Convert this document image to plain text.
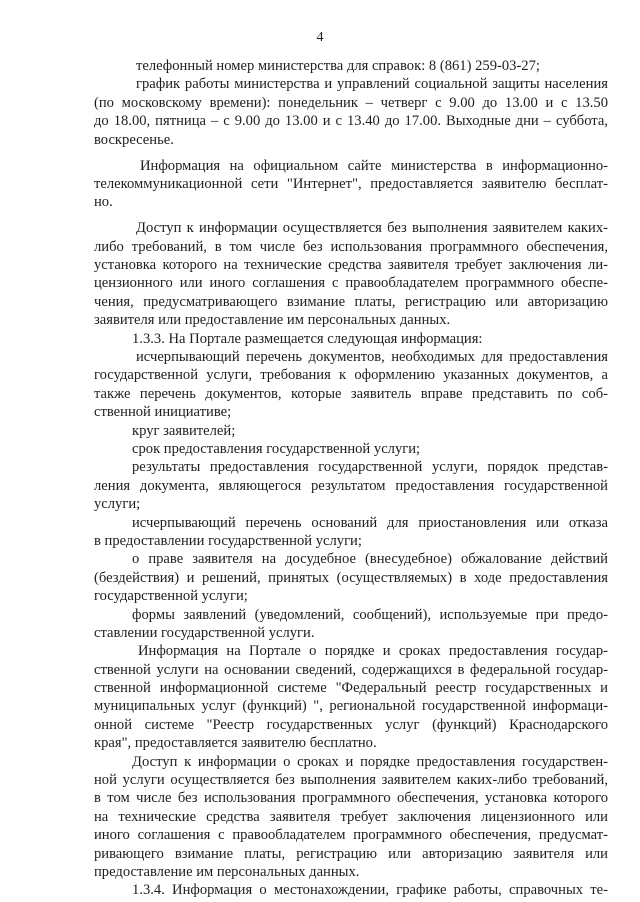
4
телефонный номер министерства для справок: 8 (861) 259-03-27;
график работы министерства и управлений социальной защиты населения
(по московскому времени): понедельник – четверг с 9.00 до 13.00 и с 13.50
до 18.00, пятница – с 9.00 до 13.00 и с 13.40 до 17.00. Выходные дни – суббота,
воскресенье.
Информация на официальном сайте министерства в информационно-
телекоммуникационной сети "Интернет", предоставляется заявителю бесплат-
но.
Доступ к информации осуществляется без выполнения заявителем каких-
либо требований, в том числе без использования программного обеспечения,
установка которого на технические средства заявителя требует заключения ли-
цензионного или иного соглашения с правообладателем программного обеспе-
чения, предусматривающего взимание платы, регистрацию или авторизацию
заявителя или предоставление им персональных данных.
1.3.3. На Портале размещается следующая информация:
исчерпывающий перечень документов, необходимых для предоставления
государственной услуги, требования к оформлению указанных документов, а
также перечень документов, которые заявитель вправе представить по соб-
ственной инициативе;
круг заявителей;
срок предоставления государственной услуги;
результаты предоставления государственной услуги, порядок представ-
ления документа, являющегося результатом предоставления государственной
услуги;
исчерпывающий перечень оснований для приостановления или отказа
в предоставлении государственной услуги;
о праве заявителя на досудебное (внесудебное) обжалование действий
(бездействия) и решений, принятых (осуществляемых) в ходе предоставления
государственной услуги;
формы заявлений (уведомлений, сообщений), используемые при предо-
ставлении государственной услуги.
Информация на Портале о порядке и сроках предоставления государ-
ственной услуги на основании сведений, содержащихся в федеральной государ-
ственной информационной системе "Федеральный реестр государственных и
муниципальных услуг (функций) ", региональной государственной информаци-
онной системе "Реестр государственных услуг (функций) Краснодарского
края", предоставляется заявителю бесплатно.
Доступ к информации о сроках и порядке предоставления государствен-
ной услуги осуществляется без выполнения заявителем каких-либо требований,
в том числе без использования программного обеспечения, установка которого
на технические средства заявителя требует заключения лицензионного или
иного соглашения с правообладателем программного обеспечения, предусмат-
ривающего взимание платы, регистрацию или авторизацию заявителя или
предоставление им персональных данных.
1.3.4. Информация о местонахождении, графике работы, справочных те-
